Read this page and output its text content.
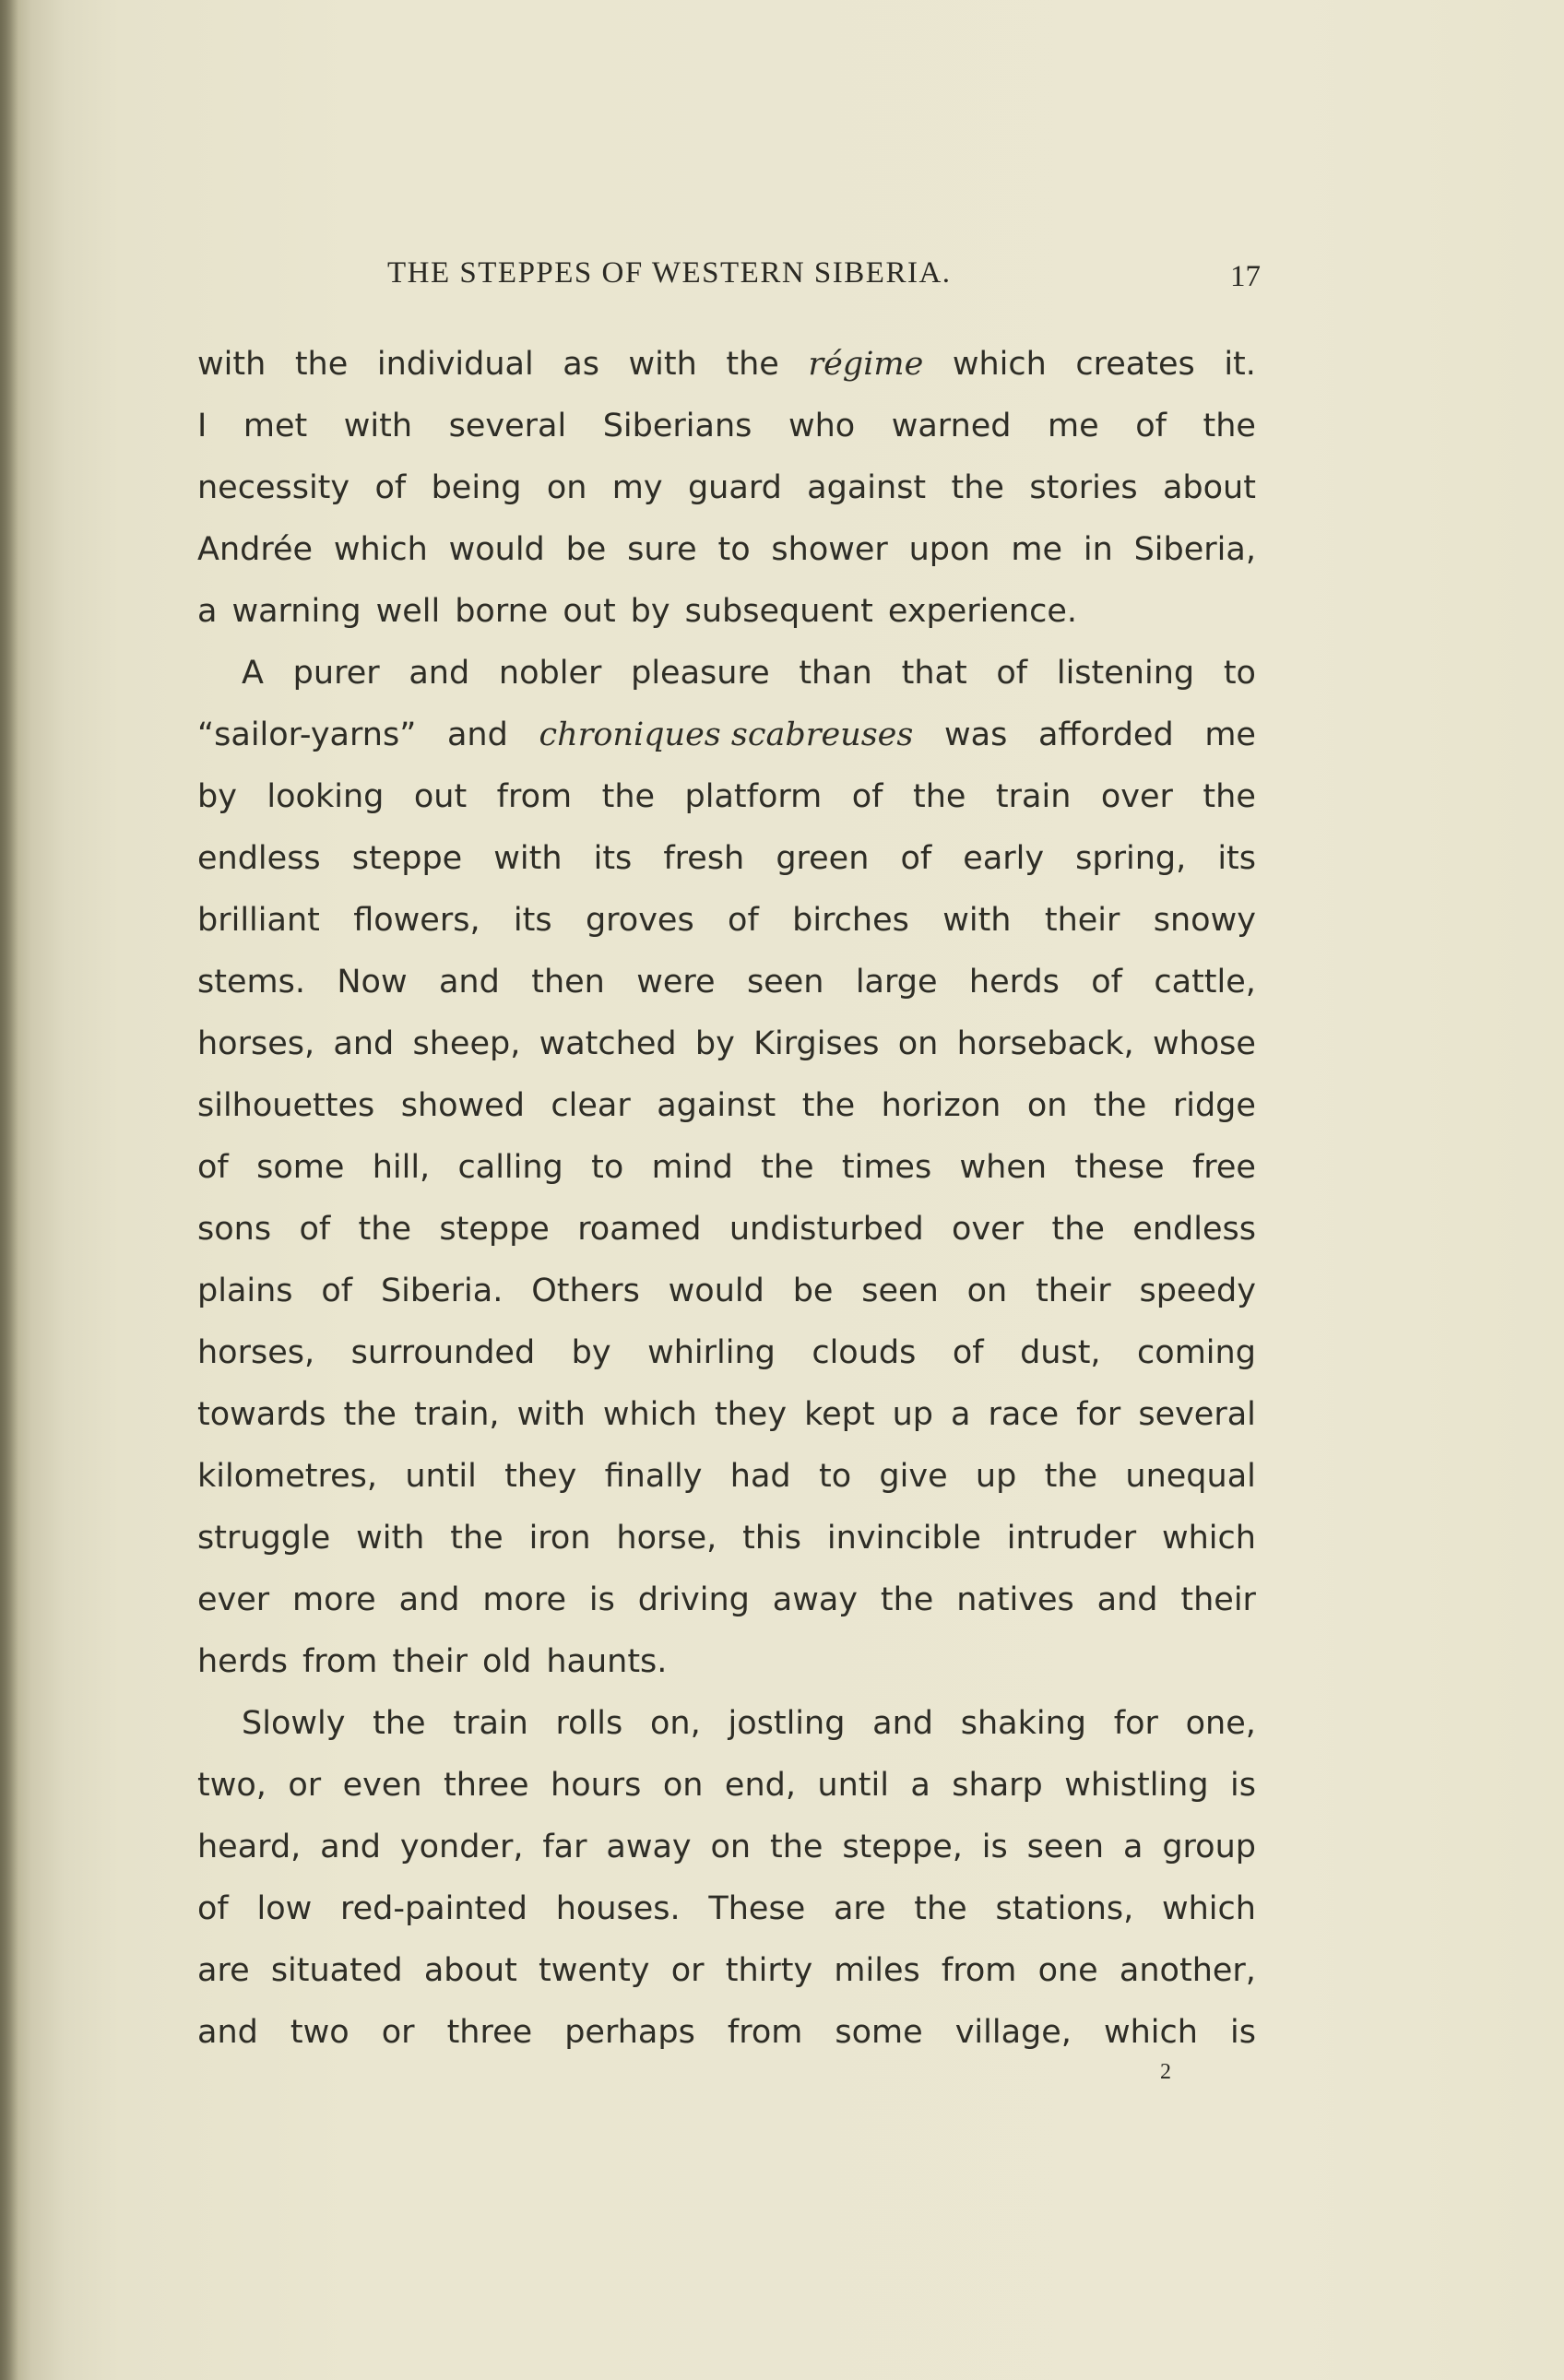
THE STEPPES OF WESTERN SIBERIA.	17
with the individual as with the régime which creates it.
I met with several Siberians who warned me of the
necessity of being on my guard against the stories about
Andrée which would be sure to shower upon me in Siberia,
a warning well borne out by subsequent experience.
A purer and nobler pleasure than that of listening to
“sailor-yarns” and chroniques scabreuses was afforded me
by looking out from the platform of the train over the
endless steppe with its fresh green of early spring, its
brilliant flowers, its groves of birches with their snowy
stems. Now and then were seen large herds of cattle,
horses, and sheep, watched by Kirgises on horseback, whose
silhouettes showed clear against the horizon on the ridge
of some hill, calling to mind the times when these free
sons of the steppe roamed undisturbed over the endless
plains of Siberia. Others would be seen on their speedy
horses, surrounded by whirling clouds of dust, coming
towards the train, with which they kept up a race for several
kilometres, until they finally had to give up the unequal
struggle with the iron horse, this invincible intruder which
ever more and more is driving away the natives and their
herds from their old haunts.
Slowly the train rolls on, jostling and shaking for one,
two, or even three hours on end, until a sharp whistling is
heard, and yonder, far away on the steppe, is seen a group
of low red-painted houses. These are the stations, which
are situated about twenty or thirty miles from one another,
and two or three perhaps from some village, which is
2
